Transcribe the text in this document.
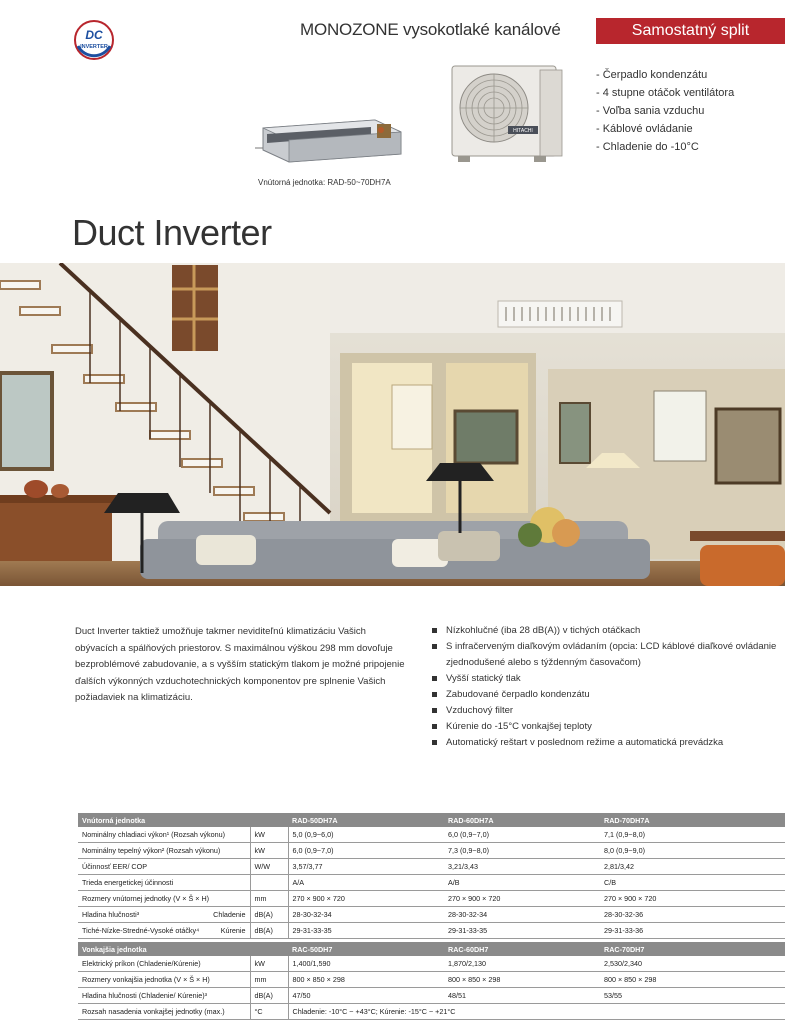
DC
INVERTER
MONOZONE vysokotlaké kanálové	Samostatný split
HITACHI
Vnútorná jednotka: RAD-50~70DH7A
- Čerpadlo kondenzátu
- 4 stupne otáčok ventilátora
- Voľba sania vzduchu
- Káblové ovládanie
- Chladenie do -10°C
Duct Inverter

Duct Inverter taktiež umožňuje takmer neviditeľnú klimatizáciu Vašich obývacích a spálňových priestorov. S maximálnou výškou 298 mm dovoľuje bezproblémové zabudovanie, a s vyšším statickým tlakom je možné pripojenie ďalších výkonných vzduchotechnických komponentov pre splnenie Vašich požiadaviek na klimatizáciu.

Nízkohlučné (iba 28 dB(A)) v tichých otáčkach
S infračerveným diaľkovým ovládaním (opcia: LCD káblové diaľkové ovládanie zjednodušené alebo s týždenným časovačom)
Vyšší statický tlak
Zabudované čerpadlo kondenzátu
Vzduchový filter
Kúrenie do -15°C vonkajšej teploty
Automatický reštart v poslednom režime a automatická prevádzka
Vnútorná jednotka		RAD-50DH7A	RAD-60DH7A	RAD-70DH7A
Nominálny chladiaci výkon¹ (Rozsah výkonu)	kW	5,0 (0,9~6,0)	6,0 (0,9~7,0)	7,1 (0,9~8,0)
Nominálny tepelný výkon² (Rozsah výkonu)	kW	6,0 (0,9~7,0)	7,3 (0,9~8,0)	8,0 (0,9~9,0)
Účinnosť EER/ COP	W/W	3,57/3,77	3,21/3,43	2,81/3,42
Trieda energetickej účinnosti		A/A	A/B	C/B
Rozmery vnútornej jednotky (V × Š × H)	mm	270 × 900 × 720	270 × 900 × 720	270 × 900 × 720

Hladina hlučnosti³ Chladenie	dB(A)	28-30-32-34	28-30-32-34	28-30-32-36

Tiché-Nízke-Stredné-Vysoké otáčky⁴ Kúrenie	dB(A)	29-31-33-35	29-31-33-35	29-31-33-36
Vonkajšia jednotka		RAC-50DH7	RAC-60DH7	RAC-70DH7
Elektrický príkon (Chladenie/Kúrenie)	kW	1,400/1,590	1,870/2,130	2,530/2,340
Rozmery vonkajšia jednotka (V × Š × H)	mm	800 × 850 × 298	800 × 850 × 298	800 × 850 × 298
Hladina hlučnosti (Chladenie/ Kúrenie)³	dB(A)	47/50	48/51	53/55
Rozsah nasadenia vonkajšej jednotky (max.)	°C	Chladenie: -10°C ~ +43°C; Kúrenie: -15°C ~ +21°C		
